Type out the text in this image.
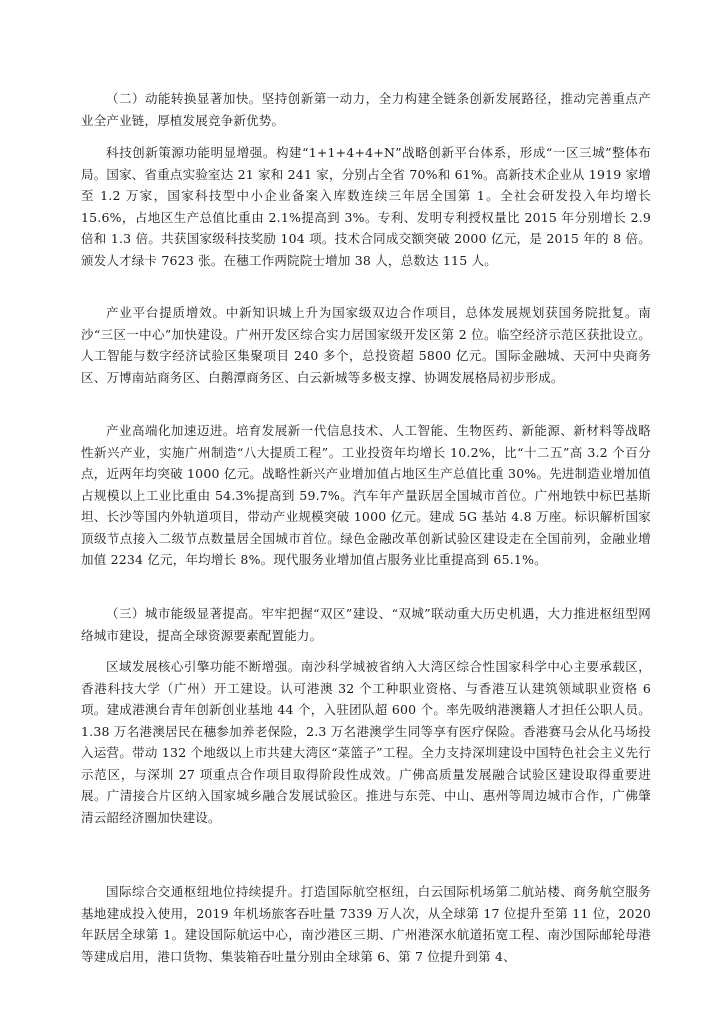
（二）动能转换显著加快。坚持创新第一动力，全力构建全链条创新发展路径，推动完善重点产业全产业链，厚植发展竞争新优势。

科技创新策源功能明显增强。构建“1+1+4+4+N”战略创新平台体系，形成“一区三城”整体布局。国家、省重点实验室达 21 家和 241 家，分别占全省 70%和 61%。高新技术企业从 1919 家增至 1.2 万家，国家科技型中小企业备案入库数连续三年居全国第 1。全社会研发投入年均增长 15.6%，占地区生产总值比重由 2.1%提高到 3%。专利、发明专利授权量比 2015 年分别增长 2.9 倍和 1.3 倍。共获国家级科技奖励 104 项。技术合同成交额突破 2000 亿元，是 2015 年的 8 倍。颁发人才绿卡 7623 张。在穗工作两院院士增加 38 人，总数达 115 人。

产业平台提质增效。中新知识城上升为国家级双边合作项目，总体发展规划获国务院批复。南沙“三区一中心”加快建设。广州开发区综合实力居国家级开发区第 2 位。临空经济示范区获批设立。人工智能与数字经济试验区集聚项目 240 多个，总投资超 5800 亿元。国际金融城、天河中央商务区、万博南站商务区、白鹅潭商务区、白云新城等多极支撑、协调发展格局初步形成。

产业高端化加速迈进。培育发展新一代信息技术、人工智能、生物医药、新能源、新材料等战略性新兴产业，实施广州制造“八大提质工程”。工业投资年均增长 10.2%，比“十二五”高 3.2 个百分点，近两年均突破 1000 亿元。战略性新兴产业增加值占地区生产总值比重 30%。先进制造业增加值占规模以上工业比重由 54.3%提高到 59.7%。汽车年产量跃居全国城市首位。广州地铁中标巴基斯坦、长沙等国内外轨道项目，带动产业规模突破 1000 亿元。建成 5G 基站 4.8 万座。标识解析国家顶级节点接入二级节点数量居全国城市首位。绿色金融改革创新试验区建设走在全国前列，金融业增加值 2234 亿元，年均增长 8%。现代服务业增加值占服务业比重提高到 65.1%。

（三）城市能级显著提高。牢牢把握“双区”建设、“双城”联动重大历史机遇，大力推进枢纽型网络城市建设，提高全球资源要素配置能力。

区域发展核心引擎功能不断增强。南沙科学城被省纳入大湾区综合性国家科学中心主要承载区，香港科技大学（广州）开工建设。认可港澳 32 个工种职业资格、与香港互认建筑领域职业资格 6 项。建成港澳台青年创新创业基地 44 个，入驻团队超 600 个。率先吸纳港澳籍人才担任公职人员。1.38 万名港澳居民在穗参加养老保险，2.3 万名港澳学生同等享有医疗保险。香港赛马会从化马场投入运营。带动 132 个地级以上市共建大湾区“菜篮子”工程。全力支持深圳建设中国特色社会主义先行示范区，与深圳 27 项重点合作项目取得阶段性成效。广佛高质量发展融合试验区建设取得重要进展。广清接合片区纳入国家城乡融合发展试验区。推进与东莞、中山、惠州等周边城市合作，广佛肇清云韶经济圈加快建设。

国际综合交通枢纽地位持续提升。打造国际航空枢纽，白云国际机场第二航站楼、商务航空服务基地建成投入使用，2019 年机场旅客吞吐量 7339 万人次，从全球第 17 位提升至第 11 位，2020 年跃居全球第 1。建设国际航运中心，南沙港区三期、广州港深水航道拓宽工程、南沙国际邮轮母港等建成启用，港口货物、集装箱吞吐量分别由全球第 6、第 7 位提升到第 4、
